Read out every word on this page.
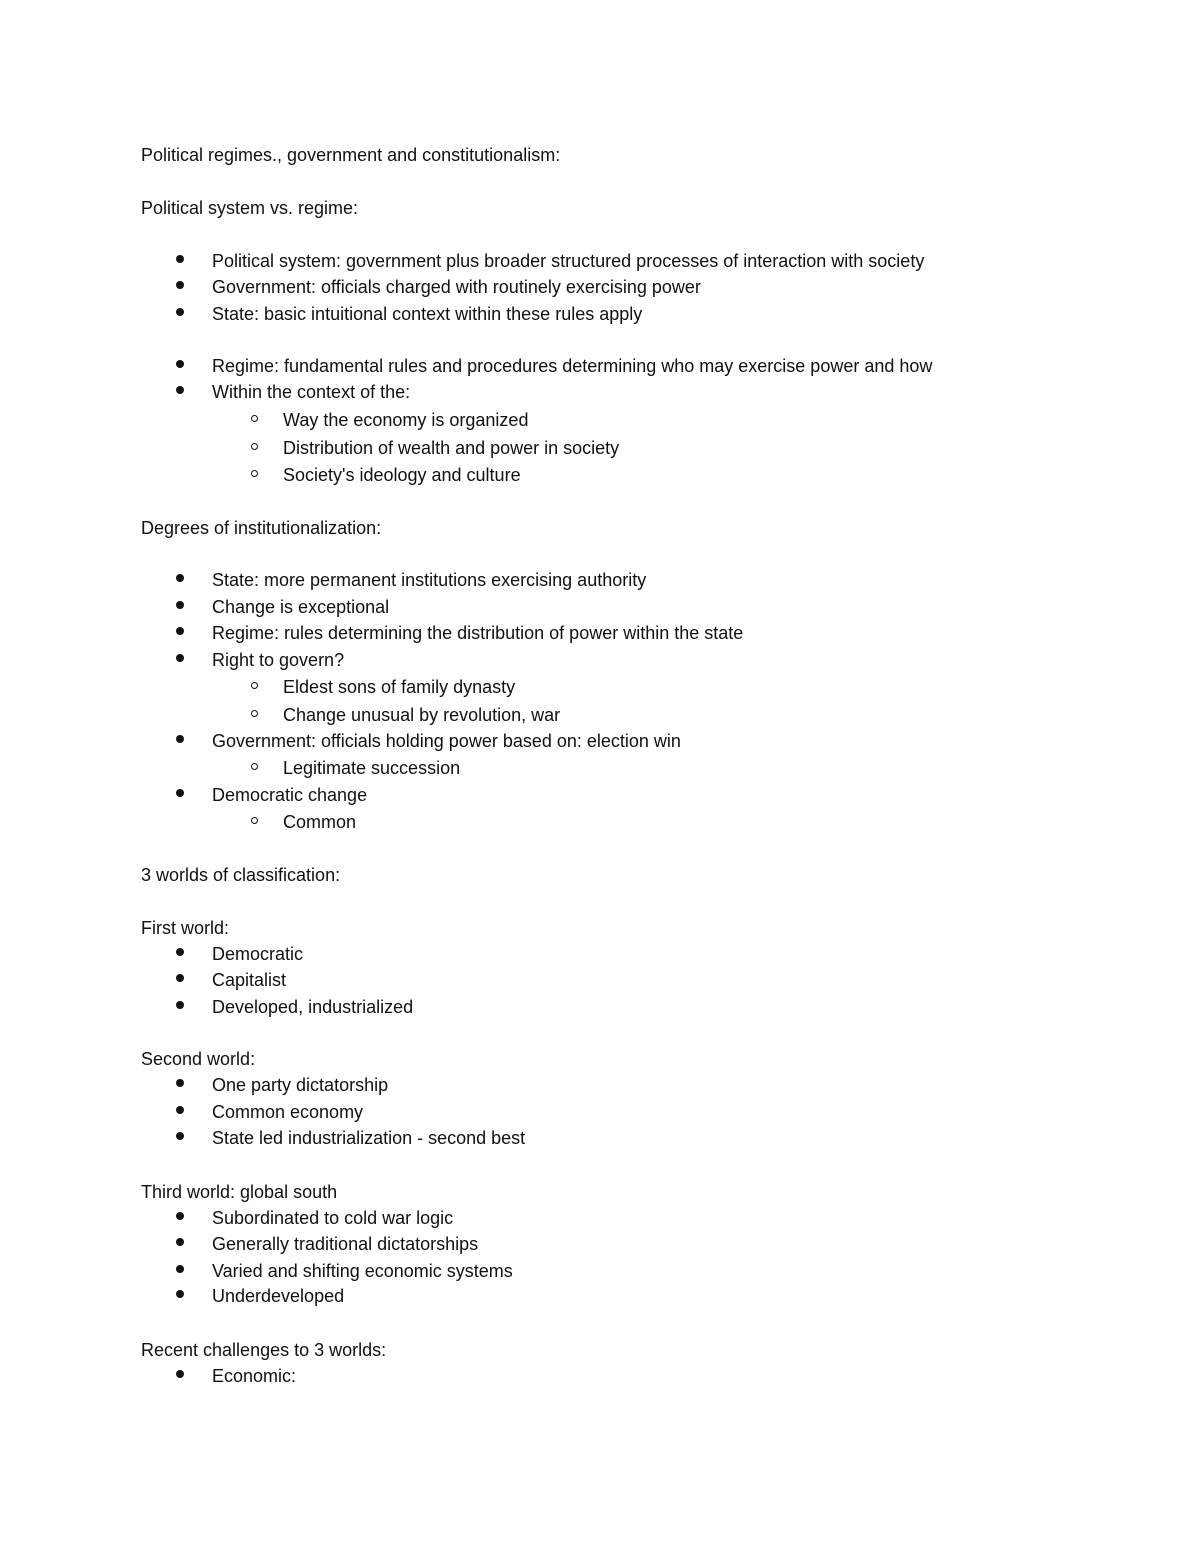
Political regimes., government and constitutionalism:
Political system vs. regime:
Political system: government plus broader structured processes of interaction with society
Government: officials charged with routinely exercising power
State: basic intuitional context within these rules apply
Regime: fundamental rules and procedures determining who may exercise power and how
Within the context of the:
Way the economy is organized
Distribution of wealth and power in society
Society's ideology and culture
Degrees of institutionalization:
State: more permanent institutions exercising authority
Change is exceptional
Regime: rules determining the distribution of power within the state
Right to govern?
Eldest sons of family dynasty
Change unusual by revolution, war
Government: officials holding power based on: election win
Legitimate succession
Democratic change
Common
3 worlds of classification:
First world:
Democratic
Capitalist
Developed, industrialized
Second world:
One party dictatorship
Common economy
State led industrialization - second best
Third world: global south
Subordinated to cold war logic
Generally traditional dictatorships
Varied and shifting economic systems
Underdeveloped
Recent challenges to 3 worlds:
Economic:
